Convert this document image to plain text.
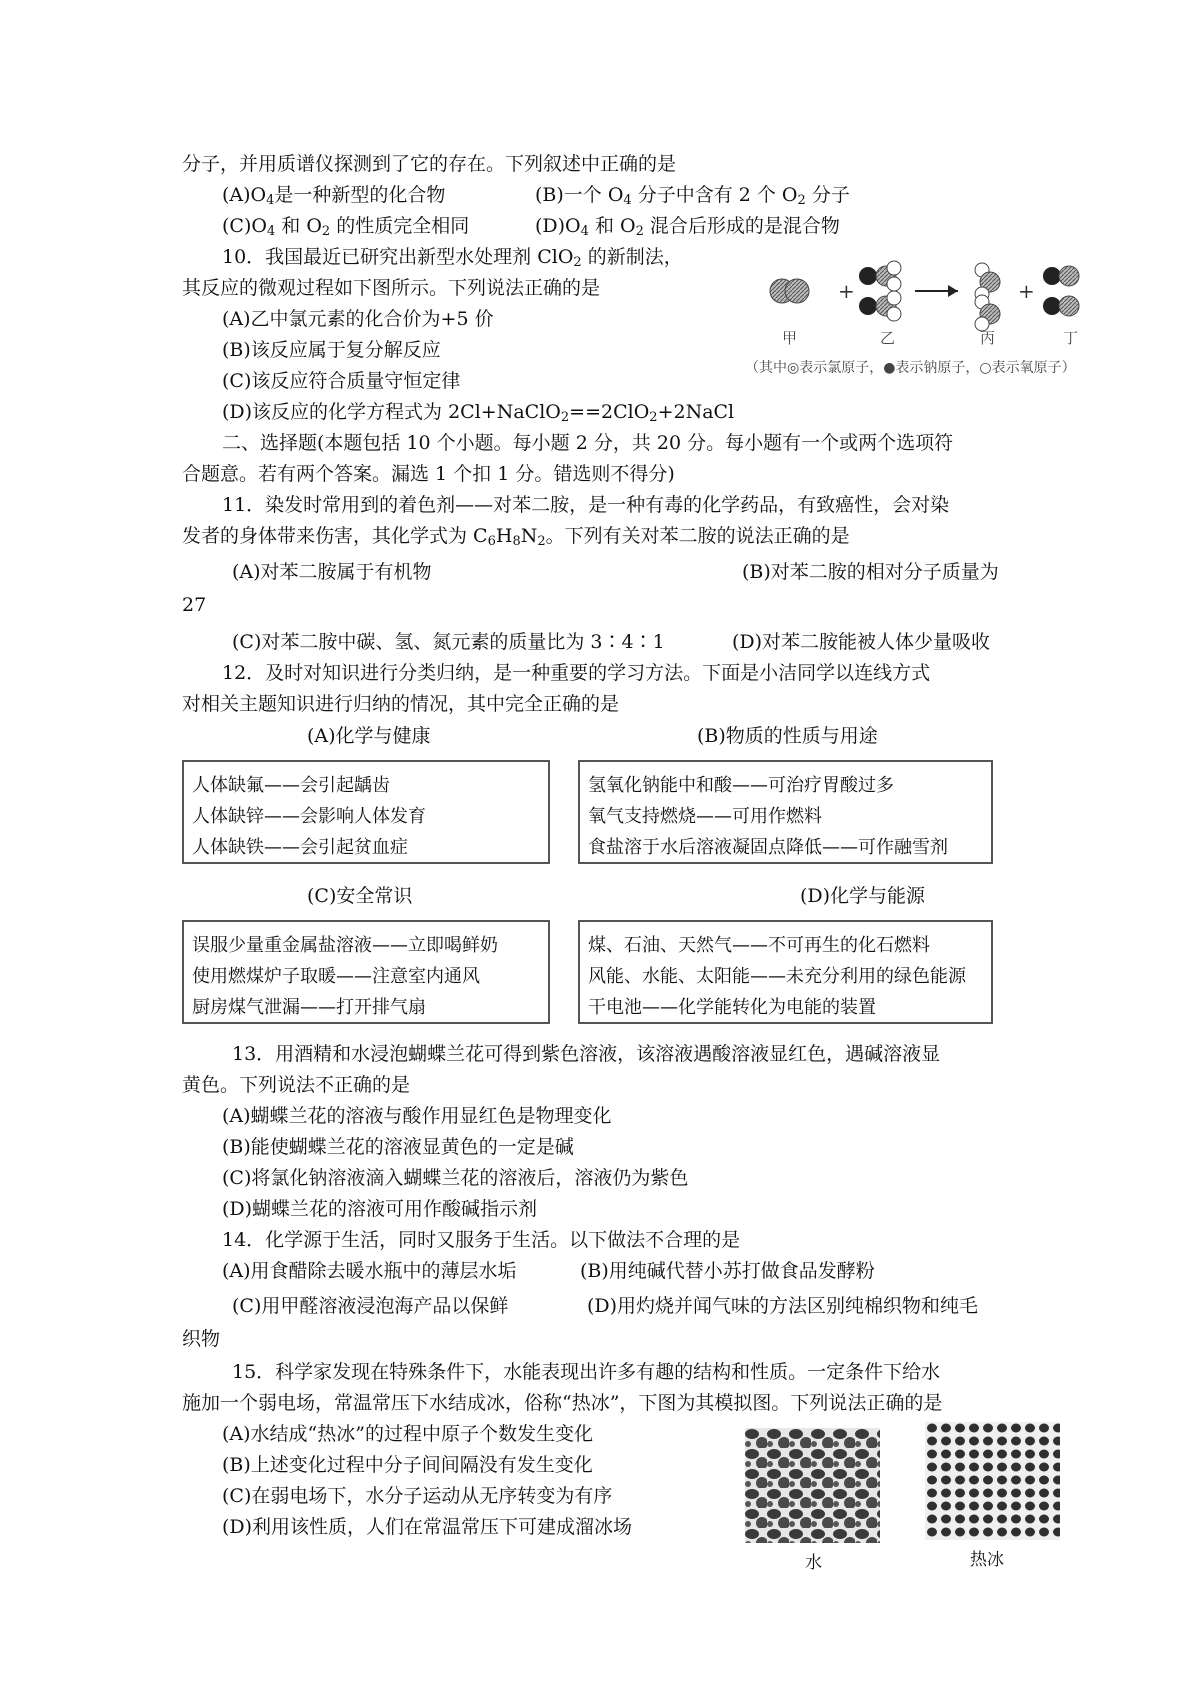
分子，并用质谱仪探测到了它的存在。下列叙述中正确的是
$(A)O_4$是一种新型的化合物	(B)一个 $O_4$ 分子中含有 2 个 $O_2$ 分子
$(C)O_4$ 和 $O_2$ 的性质完全相同	$(D)O_4$ 和 $O_2$ 混合后形成的是混合物
10．我国最近已研究出新型水处理剂 ClO$_2$ 的新制法，
其反应的微观过程如下图所示。下列说法正确的是
(A)乙中氯元素的化合价为+5 价
(B)该反应属于复分解反应
(C)该反应符合质量守恒定律
(D)该反应的化学方程式为 2Cl+NaClO$_2$==2ClO$_2$+2NaCl
+	+
甲	乙	丙	丁
（其中◎表示氯原子，●表示钠原子，○表示氧原子）
二、选择题(本题包括 10 个小题。每小题 2 分，共 20 分。每小题有一个或两个选项符
合题意。若有两个答案。漏选 1 个扣 1 分。错选则不得分)
11．染发时常用到的着色剂——对苯二胺，是一种有毒的化学药品，有致癌性，会对染
发者的身体带来伤害，其化学式为 $C_6H_8N_2$。下列有关对苯二胺的说法正确的是
(A)对苯二胺属于有机物	(B)对苯二胺的相对分子质量为
27
(C)对苯二胺中碳、氢、氮元素的质量比为 3∶4∶1	(D)对苯二胺能被人体少量吸收
12．及时对知识进行分类归纳，是一种重要的学习方法。下面是小洁同学以连线方式
对相关主题知识进行归纳的情况，其中完全正确的是
(A)化学与健康	(B)物质的性质与用途
人体缺氟——会引起龋齿
人体缺锌——会影响人体发育
人体缺铁——会引起贫血症
氢氧化钠能中和酸——可治疗胃酸过多
氧气支持燃烧——可用作燃料
食盐溶于水后溶液凝固点降低——可作融雪剂
(C)安全常识	(D)化学与能源
误服少量重金属盐溶液——立即喝鲜奶
使用燃煤炉子取暖——注意室内通风
厨房煤气泄漏——打开排气扇
煤、石油、天然气——不可再生的化石燃料
风能、水能、太阳能——未充分利用的绿色能源
干电池——化学能转化为电能的装置
13．用酒精和水浸泡蝴蝶兰花可得到紫色溶液，该溶液遇酸溶液显红色，遇碱溶液显
黄色。下列说法不正确的是
(A)蝴蝶兰花的溶液与酸作用显红色是物理变化
(B)能使蝴蝶兰花的溶液显黄色的一定是碱
(C)将氯化钠溶液滴入蝴蝶兰花的溶液后，溶液仍为紫色
(D)蝴蝶兰花的溶液可用作酸碱指示剂
14．化学源于生活，同时又服务于生活。以下做法不合理的是
(A)用食醋除去暖水瓶中的薄层水垢	(B)用纯碱代替小苏打做食品发酵粉
(C)用甲醛溶液浸泡海产品以保鲜	(D)用灼烧并闻气味的方法区别纯棉织物和纯毛
织物
15．科学家发现在特殊条件下，水能表现出许多有趣的结构和性质。一定条件下给水
施加一个弱电场，常温常压下水结成冰，俗称“热冰”，下图为其模拟图。下列说法正确的是
(A)水结成“热冰”的过程中原子个数发生变化
(B)上述变化过程中分子间间隔没有发生变化
(C)在弱电场下，水分子运动从无序转变为有序
(D)利用该性质，人们在常温常压下可建成溜冰场
水	热冰
